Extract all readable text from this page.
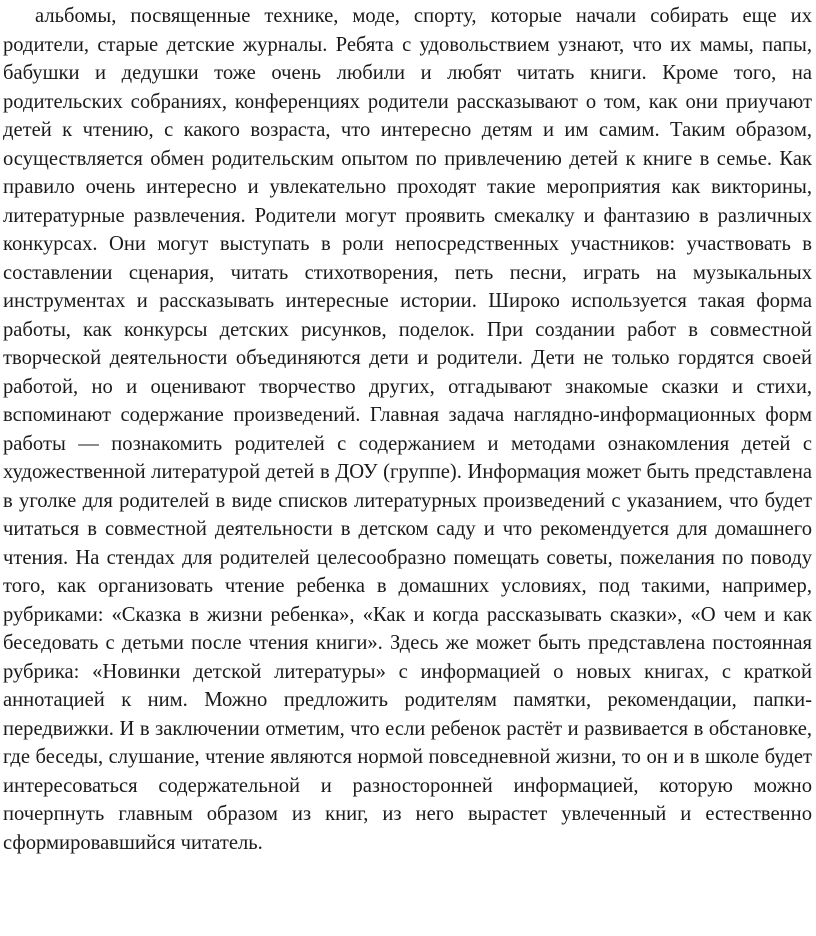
альбомы, посвященные технике, моде, спорту, которые начали собирать еще их родители, старые детские журналы. Ребята с удовольствием узнают, что их мамы, папы, бабушки и дедушки тоже очень любили и любят читать книги. Кроме того, на родительских собраниях, конференциях родители рассказывают о том, как они приучают детей к чтению, с какого возраста, что интересно детям и им самим. Таким образом, осуществляется обмен родительским опытом по привлечению детей к книге в семье. Как правило очень интересно и увлекательно проходят такие мероприятия как викторины, литературные развлечения. Родители могут проявить смекалку и фантазию в различных конкурсах. Они могут выступать в роли непосредственных участников: участвовать в составлении сценария, читать стихотворения, петь песни, играть на музыкальных инструментах и рассказывать интересные истории. Широко используется такая форма работы, как конкурсы детских рисунков, поделок. При создании работ в совместной творческой деятельности объединяются дети и родители. Дети не только гордятся своей работой, но и оценивают творчество других, отгадывают знакомые сказки и стихи, вспоминают содержание произведений. Главная задача наглядно-информационных форм работы — познакомить родителей с содержанием и методами ознакомления детей с художественной литературой детей в ДОУ (группе). Информация может быть представлена в уголке для родителей в виде списков литературных произведений с указанием, что будет читаться в совместной деятельности в детском саду и что рекомендуется для домашнего чтения. На стендах для родителей целесообразно помещать советы, пожелания по поводу того, как организовать чтение ребенка в домашних условиях, под такими, например, рубриками: «Сказка в жизни ребенка», «Как и когда рассказывать сказки», «О чем и как беседовать с детьми после чтения книги». Здесь же может быть представлена постоянная рубрика: «Новинки детской литературы» с информацией о новых книгах, с краткой аннотацией к ним. Можно предложить родителям памятки, рекомендации, папки-передвижки. И в заключении отметим, что если ребенок растёт и развивается в обстановке, где беседы, слушание, чтение являются нормой повседневной жизни, то он и в школе будет интересоваться содержательной и разносторонней информацией, которую можно почерпнуть главным образом из книг, из него вырастет увлеченный и естественно сформировавшийся читатель.
